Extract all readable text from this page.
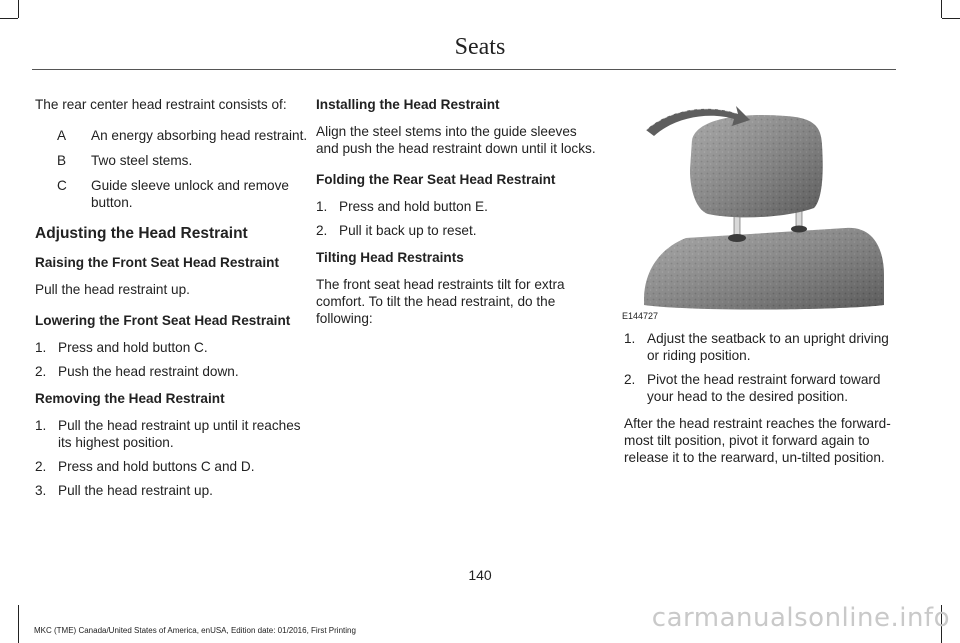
Seats

The rear center head restraint consists of:

A	An energy absorbing head restraint.
B	Two steel stems.
C	Guide sleeve unlock and remove button.
Adjusting the Head Restraint
Raising the Front Seat Head Restraint

Pull the head restraint up.

Lowering the Front Seat Head Restraint
1. Press and hold button C.
2. Push the head restraint down.
Removing the Head Restraint
1. Pull the head restraint up until it reaches its highest position.
2. Press and hold buttons C and D.
3. Pull the head restraint up.
Installing the Head Restraint

Align the steel stems into the guide sleeves and push the head restraint down until it locks.

Folding the Rear Seat Head Restraint
1. Press and hold button E.
2. Pull it back up to reset.
Tilting Head Restraints

The front seat head restraints tilt for extra comfort. To tilt the head restraint, do the following:	E144727
1. Adjust the seatback to an upright driving or riding position.
2. Pivot the head restraint forward toward your head to the desired position.

After the head restraint reaches the forward-most tilt position, pivot it forward again to release it to the rearward, un-tilted position.

140
MKC (TME) Canada/United States of America, enUSA, Edition date: 01/2016, First Printing	carmanualsonline.info
